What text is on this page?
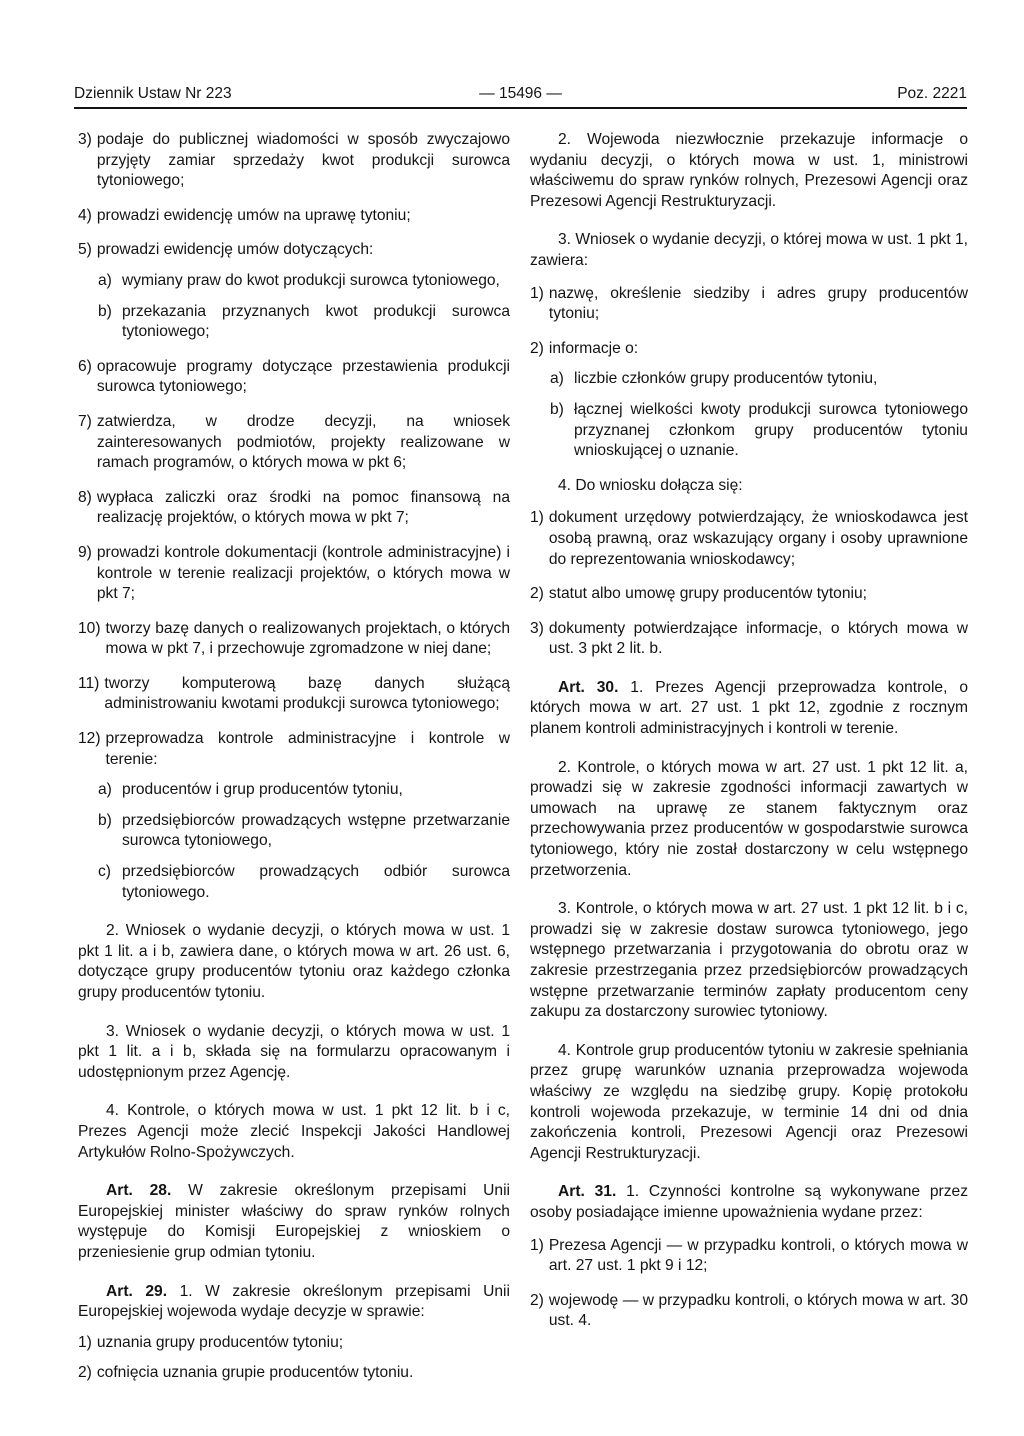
Dziennik Ustaw Nr 223	— 15496 —	Poz. 2221
3) podaje do publicznej wiadomości w sposób zwyczajowo przyjęty zamiar sprzedaży kwot produkcji surowca tytoniowego;
4) prowadzi ewidencję umów na uprawę tytoniu;
5) prowadzi ewidencję umów dotyczących:
a) wymiany praw do kwot produkcji surowca tytoniowego,
b) przekazania przyznanych kwot produkcji surowca tytoniowego;
6) opracowuje programy dotyczące przestawienia produkcji surowca tytoniowego;
7) zatwierdza, w drodze decyzji, na wniosek zainteresowanych podmiotów, projekty realizowane w ramach programów, o których mowa w pkt 6;
8) wypłaca zaliczki oraz środki na pomoc finansową na realizację projektów, o których mowa w pkt 7;
9) prowadzi kontrole dokumentacji (kontrole administracyjne) i kontrole w terenie realizacji projektów, o których mowa w pkt 7;
10) tworzy bazę danych o realizowanych projektach, o których mowa w pkt 7, i przechowuje zgromadzone w niej dane;
11) tworzy komputerową bazę danych służącą administrowaniu kwotami produkcji surowca tytoniowego;
12) przeprowadza kontrole administracyjne i kontrole w terenie:
a) producentów i grup producentów tytoniu,
b) przedsiębiorców prowadzących wstępne przetwarzanie surowca tytoniowego,
c) przedsiębiorców prowadzących odbiór surowca tytoniowego.

2. Wniosek o wydanie decyzji, o których mowa w ust. 1 pkt 1 lit. a i b, zawiera dane, o których mowa w art. 26 ust. 6, dotyczące grupy producentów tytoniu oraz każdego członka grupy producentów tytoniu.

3. Wniosek o wydanie decyzji, o których mowa w ust. 1 pkt 1 lit. a i b, składa się na formularzu opracowanym i udostępnionym przez Agencję.

4. Kontrole, o których mowa w ust. 1 pkt 12 lit. b i c, Prezes Agencji może zlecić Inspekcji Jakości Handlowej Artykułów Rolno-Spożywczych.

Art. 28. W zakresie określonym przepisami Unii Europejskiej minister właściwy do spraw rynków rolnych występuje do Komisji Europejskiej z wnioskiem o przeniesienie grup odmian tytoniu.

Art. 29. 1. W zakresie określonym przepisami Unii Europejskiej wojewoda wydaje decyzje w sprawie:

1) uznania grupy producentów tytoniu;
2) cofnięcia uznania grupie producentów tytoniu.

2. Wojewoda niezwłocznie przekazuje informacje o wydaniu decyzji, o których mowa w ust. 1, ministrowi właściwemu do spraw rynków rolnych, Prezesowi Agencji oraz Prezesowi Agencji Restrukturyzacji.

3. Wniosek o wydanie decyzji, o której mowa w ust. 1 pkt 1, zawiera:

1) nazwę, określenie siedziby i adres grupy producentów tytoniu;
2) informacje o:
a) liczbie członków grupy producentów tytoniu,
b) łącznej wielkości kwoty produkcji surowca tytoniowego przyznanej członkom grupy producentów tytoniu wnioskującej o uznanie.

4. Do wniosku dołącza się:

1) dokument urzędowy potwierdzający, że wnioskodawca jest osobą prawną, oraz wskazujący organy i osoby uprawnione do reprezentowania wnioskodawcy;
2) statut albo umowę grupy producentów tytoniu;
3) dokumenty potwierdzające informacje, o których mowa w ust. 3 pkt 2 lit. b.

Art. 30. 1. Prezes Agencji przeprowadza kontrole, o których mowa w art. 27 ust. 1 pkt 12, zgodnie z rocznym planem kontroli administracyjnych i kontroli w terenie.

2. Kontrole, o których mowa w art. 27 ust. 1 pkt 12 lit. a, prowadzi się w zakresie zgodności informacji zawartych w umowach na uprawę ze stanem faktycznym oraz przechowywania przez producentów w gospodarstwie surowca tytoniowego, który nie został dostarczony w celu wstępnego przetworzenia.

3. Kontrole, o których mowa w art. 27 ust. 1 pkt 12 lit. b i c, prowadzi się w zakresie dostaw surowca tytoniowego, jego wstępnego przetwarzania i przygotowania do obrotu oraz w zakresie przestrzegania przez przedsiębiorców prowadzących wstępne przetwarzanie terminów zapłaty producentom ceny zakupu za dostarczony surowiec tytoniowy.

4. Kontrole grup producentów tytoniu w zakresie spełniania przez grupę warunków uznania przeprowadza wojewoda właściwy ze względu na siedzibę grupy. Kopię protokołu kontroli wojewoda przekazuje, w terminie 14 dni od dnia zakończenia kontroli, Prezesowi Agencji oraz Prezesowi Agencji Restrukturyzacji.

Art. 31. 1. Czynności kontrolne są wykonywane przez osoby posiadające imienne upoważnienia wydane przez:

1) Prezesa Agencji — w przypadku kontroli, o których mowa w art. 27 ust. 1 pkt 9 i 12;
2) wojewodę — w przypadku kontroli, o których mowa w art. 30 ust. 4.
